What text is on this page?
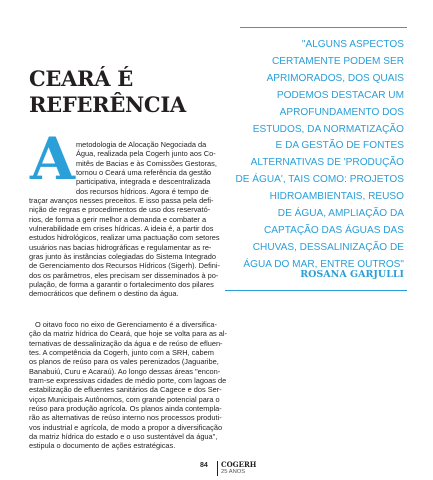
CEARÁ É
REFERÊNCIA
A metodologia de Alocação Negociada da
Água, realizada pela Cogerh junto aos Co-
mitês de Bacias e às Comissões Gestoras,
tornou o Ceará uma referência da gestão
participativa, integrada e descentralizada
dos recursos hídricos. Agora é tempo de
traçar avanços nesses preceitos. E isso passa pela defi-
nição de regras e procedimentos de uso dos reservató-
rios, de forma a gerir melhor a demanda e combater a
vulnerabilidade em crises hídricas. A ideia é, a partir dos
estudos hidrológicos, realizar uma pactuação com setores
usuários nas bacias hidrográficas e regulamentar as re-
gras junto às instâncias colegiadas do Sistema Integrado
de Gerenciamento dos Recursos Hídricos (Sigerh). Defini-
dos os parâmetros, eles precisam ser disseminados à po-
pulação, de forma a garantir o fortalecimento dos pilares
democráticos que definem o destino da água.
O oitavo foco no eixo de Gerenciamento é a diversifica-
ção da matriz hídrica do Ceará, que hoje se volta para as al-
ternativas de dessalinização da água e de reúso de efluen-
tes. A competência da Cogerh, junto com a SRH, cabem
os planos de reúso para os vales perenizados (Jaguaribe,
Banabuiú, Curu e Acaraú). Ao longo dessas áreas "encon-
tram-se expressivas cidades de médio porte, com lagoas de
estabilização de efluentes sanitários da Cagece e dos Ser-
viços Municipais Autônomos, com grande potencial para o
reúso para produção agrícola. Os planos ainda contempla-
rão as alternativas de reúso interno nos processos produti-
vos industrial e agrícola, de modo a propor a diversificação
da matriz hídrica do estado e o uso sustentável da água",
estipula o documento de ações estratégicas.
"ALGUNS ASPECTOS
CERTAMENTE PODEM SER
APRIMORADOS, DOS QUAIS
PODEMOS DESTACAR UM
APROFUNDAMENTO DOS
ESTUDOS, DA NORMATIZAÇÃO
E DA GESTÃO DE FONTES
ALTERNATIVAS DE 'PRODUÇÃO
DE ÁGUA', TAIS COMO: PROJETOS
HIDROAMBIENTAIS, REUSO
DE ÁGUA, AMPLIAÇÃO DA
CAPTAÇÃO DAS ÁGUAS DAS
CHUVAS, DESSALINIZAÇÃO DE
ÁGUA DO MAR, ENTRE OUTROS"
ROSANA GARJULLI
84 COGERH
25 ANOS
